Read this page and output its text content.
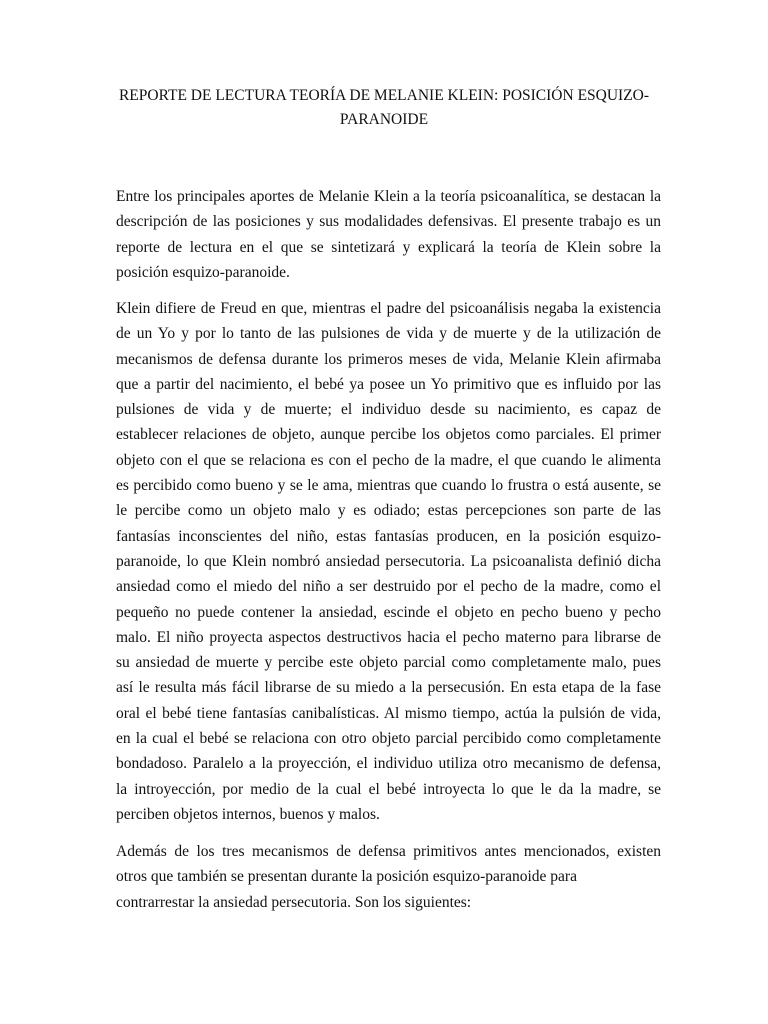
REPORTE DE LECTURA TEORÍA DE MELANIE KLEIN: POSICIÓN ESQUIZO-
PARANOIDE

Entre los principales aportes de Melanie Klein a la teoría psicoanalítica, se destacan la
descripción de las posiciones y sus modalidades defensivas. El presente trabajo es un
reporte de lectura en el que se sintetizará y explicará la teoría de Klein sobre la
posición esquizo-paranoide.

Klein difiere de Freud en que, mientras el padre del psicoanálisis negaba la existencia
de un Yo y por lo tanto de las pulsiones de vida y de muerte y de la utilización de
mecanismos de defensa durante los primeros meses de vida, Melanie Klein afirmaba
que a partir del nacimiento, el bebé ya posee un Yo primitivo que es influido por las
pulsiones de vida y de muerte; el individuo desde su nacimiento, es capaz de
establecer relaciones de objeto, aunque percibe los objetos como parciales. El primer
objeto con el que se relaciona es con el pecho de la madre, el que cuando le alimenta
es percibido como bueno y se le ama, mientras que cuando lo frustra o está ausente, se
le percibe como un objeto malo y es odiado; estas percepciones son parte de las
fantasías inconscientes del niño, estas fantasías producen, en la posición esquizo-
paranoide, lo que Klein nombró ansiedad persecutoria. La psicoanalista definió dicha
ansiedad como el miedo del niño a ser destruido por el pecho de la madre, como el
pequeño no puede contener la ansiedad, escinde el objeto en pecho bueno y pecho
malo. El niño proyecta aspectos destructivos hacia el pecho materno para librarse de
su ansiedad de muerte y percibe este objeto parcial como completamente malo, pues
así le resulta más fácil librarse de su miedo a la persecusión. En esta etapa de la fase
oral el bebé tiene fantasías canibalísticas. Al mismo tiempo, actúa la pulsión de vida,
en la cual el bebé se relaciona con otro objeto parcial percibido como completamente
bondadoso. Paralelo a la proyección, el individuo utiliza otro mecanismo de defensa,
la introyección, por medio de la cual el bebé introyecta lo que le da la madre, se
perciben objetos internos, buenos y malos.

Además de los tres mecanismos de defensa primitivos antes mencionados, existen
otros que también se presentan durante la posición esquizo-paranoide para
contrarrestar la ansiedad persecutoria. Son los siguientes:
